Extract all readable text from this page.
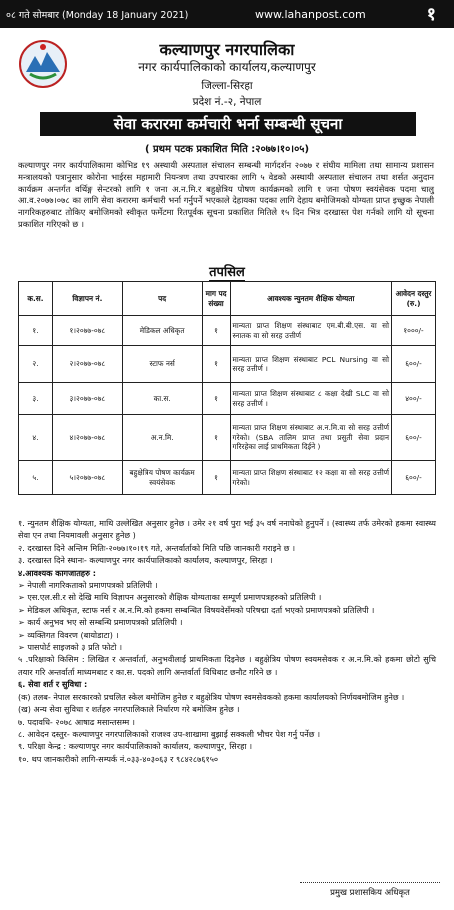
०८ गते सोमबार (Monday 18 January 2021)	www.lahanpost.com	१
कल्याणपुर नगरपालिका
नगर कार्यपालिकाको कार्यालय,कल्याणपुर
जिल्ला-सिरहा
प्रदेश नं.-२, नेपाल
सेवा करारमा कर्मचारी भर्ना सम्बन्धी सूचना
( प्रथम पटक प्रकाशित मिति :२०७७।१०।०५)
कल्याणपुर नगर कार्यपालिकामा कोभिड १९ अस्थायी अस्पताल संचालन सम्बन्धी मार्गदर्शन २०७७ र संघीय मामिला तथा सामान्य प्रशासन मन्त्रालयको पत्रानुसार कोरोना भाईरस महामारी नियन्त्रण तथा उपचारका लागि ५ वेडको अस्थायी अस्पताल संचालन तथा शर्सत अनुदान कार्यक्रम अन्तर्गत वर्थिङ्ग सेन्टरको लागि १ जना अ.न.मि.र बहुक्षेत्रिय पोषण कार्यक्रमको लागि १ जना पोषण स्वयंसेवक पदमा चालु आ.व.२०७७।०७८ का लागि सेवा करारमा कर्मचारी भर्ना गर्नुपर्ने भएकाले देहायका पदका लागि देहाय बमोजिमको योग्यता प्राप्त इच्छुक नेपाली नागरिकहरुबाट तोकिए बमोजिमको स्वीकृत फर्मेटमा रितपूर्वक सूचना प्रकाशित मितिले १५ दिन भित्र दरखास्त पेश गर्नको लागि यो सूचना प्रकाशित गरिएको छ ।
तपसिल
क.स.	विज्ञापन नं.	पद	माग पद संख्या	आवश्यक न्युनतम शैक्षिक योग्यता	आवेदन दस्तुर (रु.)
१.	१।२०७७-०७८	मेडिकल अधिकृत	१	मान्यता प्राप्त शिक्षण संस्थाबाट एम.बी.बी.एस. वा सो स्नातक वा सो सरह उत्तीर्ण	१०००/-
२.	२।२०७७-०७८	स्टाफ नर्स	१	मान्यता प्राप्त शिक्षण संस्थाबाट PCL Nursing वा सो सरह उत्तीर्ण ।	६००/-
३.	३।२०७७-०७८	का.स.	१	मान्यता प्राप्त शिक्षण संस्थाबाट ८ कक्षा देखी SLC वा सो सरह उत्तीर्ण ।	४००/-
४.	४।२०७७-०७८	अ.न.मि.	१	मान्यता प्राप्त शिक्षण संस्थाबाट अ.न.मि.वा सो सरह उत्तीर्ण गरेको। (SBA तालिम प्राप्त तथा प्रसुती सेवा प्रदान गरिरहेका लाई प्राथमिकता दिईने )	६००/-
५.	५।२०७७-०७८	बहुक्षेत्रिय पोषण कार्यक्रम स्वयंसेवक	१	मान्यता प्राप्त शिक्षण संस्थाबाट १२ कक्षा वा सो सरह उत्तीर्ण गरेको।	६००/-
१. न्युनतम शैक्षिक योग्यता, माथि उल्लेखित अनुसार हुनेछ । उमेर २१ वर्ष पुरा भई ३५ वर्ष ननाघेको हुनुपर्ने । (स्वास्थ्य तर्फ उमेरको हकमा स्वास्थ्य सेवा एन तथा नियमावली अनुसार हुनेछ )
२. दरखास्त दिने अन्तिम मितिः-२०७७।१०।१९ गते, अन्तर्वार्ताको मिति पछि जानकारी गराइने छ ।
३. दरखास्त दिने स्थानः- कल्याणपुर नगर कार्यपालिकाको कार्यालय, कल्याणपुर, सिरहा ।
४.आवश्यक कागजातहरु :
➢ नेपाली नागरिकताको प्रमाणपत्रको प्रतिलिपी ।
➢ एस.एल.सी.र सो देखि माथि विज्ञापन अनुसारको शैक्षिक योग्यताका सम्पूर्ण प्रमाणपत्रहरुको प्रतिलिपी ।
➢ मेडिकल अधिकृत, स्टाफ नर्स र अ.न.मि.को हकमा सम्बन्धित विषयवेसँमको परिषद्मा दर्ता भएको प्रमाणपत्रको प्रतिलिपी ।
➢ कार्य अनुभव भए सो सम्बन्धि प्रमाणपत्रको प्रतिलिपी ।
➢ व्यक्तिगत विवरण (बायोडाटा) ।
➢ पासपोर्ट साइजको ३ प्रति फोटो ।
५ .परिक्षाको किसिम : लिखित र अन्तर्वार्ता, अनुभवीलाई प्राथमिकता दिइनेछ । बहुक्षेत्रिय पोषण स्वयमसेवक र अ.न.मि.को हकमा छोटो सुचि तयार गरि अन्तर्वार्ता माध्यमबाट र का.स. पदको लागि अन्तर्वार्ता विधिबाट छनौट गरिने छ ।
६. सेवा शर्त र सुविधा :
(क) तलब- नेपाल सरकारको प्रचलित स्केल बमोजिम हुनेछ र बहुक्षेत्रिय पोषण स्वमसेवकको हकमा कार्यालयको निर्णयबमोजिम हुनेछ ।
(ख) अन्य सेवा सुविधा र शर्तहरु नगरपालिकाले निर्धारण गरे बमोजिम हुनेछ ।
७. पदावधि- २०७८ आषाढ मसान्तसम्म ।
८. आवेदन दस्तुर- कल्याणपुर नगरपालिकाको राजश्व उप-शाखामा बुझाई सक्कली भौचर पेश गर्नु पर्नेछ ।
९. परिक्षा केन्द्र : कल्याणपुर नगर कार्यपालिकाको कार्यालय, कल्याणपुर, सिरहा ।
१०. थप जानकारीको लागि-सम्पर्क नं.०३३-४०३०६३ र ९८४२८७६१५०
प्रमुख प्रशासकिय अधिकृत
